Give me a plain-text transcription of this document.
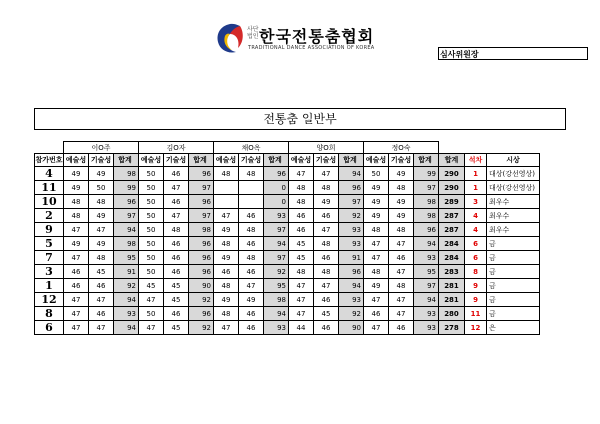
사단법인 한국전통춤협회
TRADITIONAL DANCE ASSOCIATION OF KOREA
심사위원장
전통춤 일반부
	이O주			김O자			채O옥			양O희			정O숙					
참가번호	예술성	기술성	합계	예술성	기술성	합계	예술성	기술성	합계	예술성	기술성	합계	예술성	기술성	합계	합계	석차	시상
4	49	49	98	50	46	96	48	48	96	47	47	94	50	49	99	290	1	대상(강선영상)
11	49	50	99	50	47	97			0	48	48	96	49	48	97	290	1	대상(강선영상)
10	48	48	96	50	46	96			0	48	49	97	49	49	98	289	3	최우수
2	48	49	97	50	47	97	47	46	93	46	46	92	49	49	98	287	4	최우수
9	47	47	94	50	48	98	49	48	97	46	47	93	48	48	96	287	4	최우수
5	49	49	98	50	46	96	48	46	94	45	48	93	47	47	94	284	6	금
7	47	48	95	50	46	96	49	48	97	45	46	91	47	46	93	284	6	금
3	46	45	91	50	46	96	46	46	92	48	48	96	48	47	95	283	8	금
1	46	46	92	45	45	90	48	47	95	47	47	94	49	48	97	281	9	금
12	47	47	94	47	45	92	49	49	98	47	46	93	47	47	94	281	9	금
8	47	46	93	50	46	96	48	46	94	47	45	92	46	47	93	280	11	금
6	47	47	94	47	45	92	47	46	93	44	46	90	47	46	93	278	12	은
